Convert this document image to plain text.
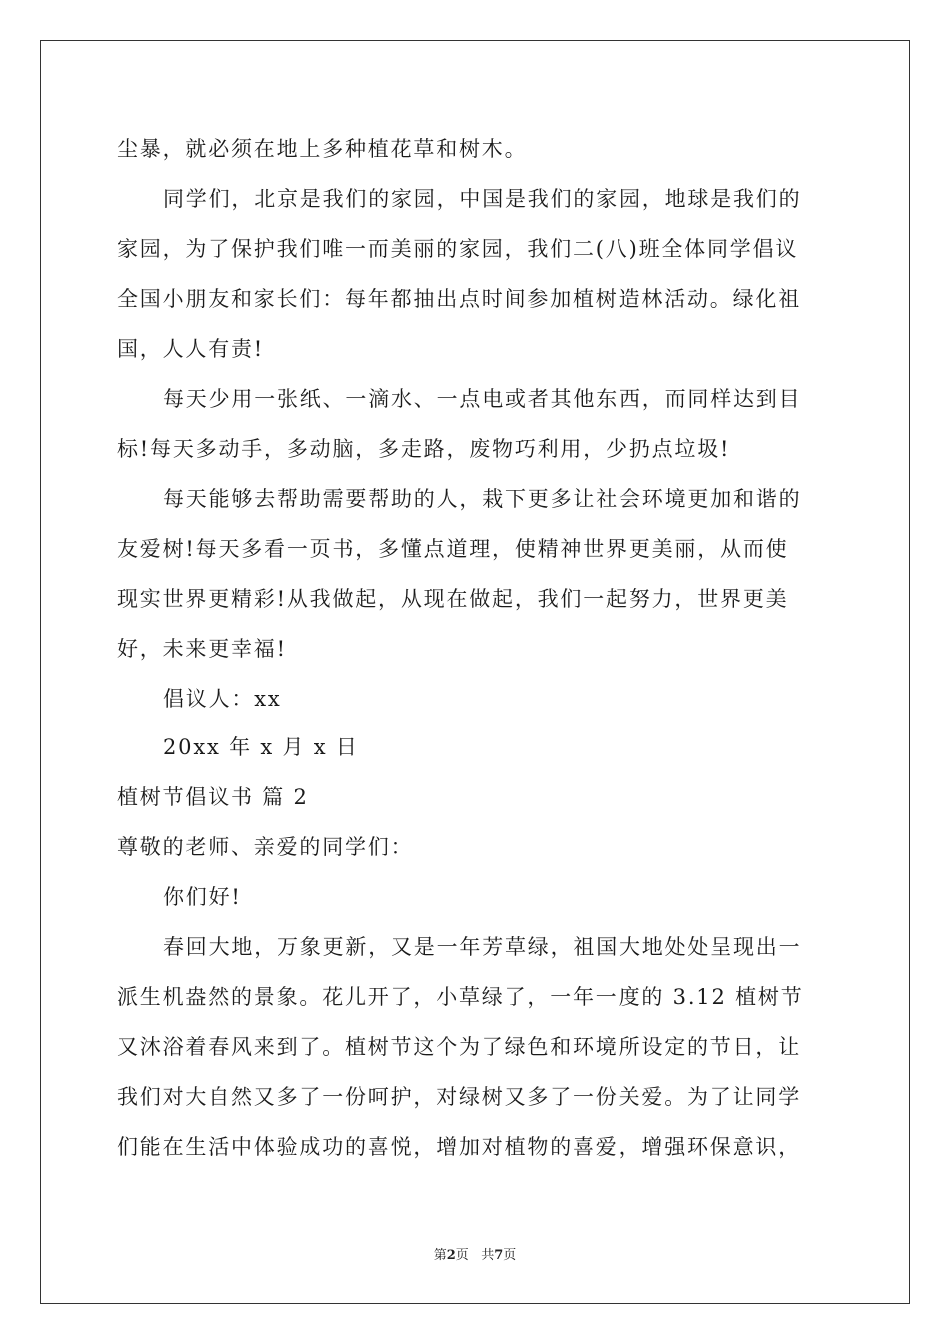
尘暴，就必须在地上多种植花草和树木。
同学们，北京是我们的家园，中国是我们的家园，地球是我们的
家园，为了保护我们唯一而美丽的家园，我们二(八)班全体同学倡议
全国小朋友和家长们：每年都抽出点时间参加植树造林活动。绿化祖
国，人人有责!
每天少用一张纸、一滴水、一点电或者其他东西，而同样达到目
标!每天多动手，多动脑，多走路，废物巧利用，少扔点垃圾!
每天能够去帮助需要帮助的人，栽下更多让社会环境更加和谐的
友爱树!每天多看一页书，多懂点道理，使精神世界更美丽，从而使
现实世界更精彩!从我做起，从现在做起，我们一起努力，世界更美
好，未来更幸福!
倡议人：xx
20xx 年 x 月 x 日
植树节倡议书 篇 2
尊敬的老师、亲爱的同学们：
你们好!
春回大地，万象更新，又是一年芳草绿，祖国大地处处呈现出一
派生机盎然的景象。花儿开了，小草绿了，一年一度的 3.12 植树节
又沐浴着春风来到了。植树节这个为了绿色和环境所设定的节日，让
我们对大自然又多了一份呵护，对绿树又多了一份关爱。为了让同学
们能在生活中体验成功的喜悦，增加对植物的喜爱，增强环保意识，
第2页   共7页
